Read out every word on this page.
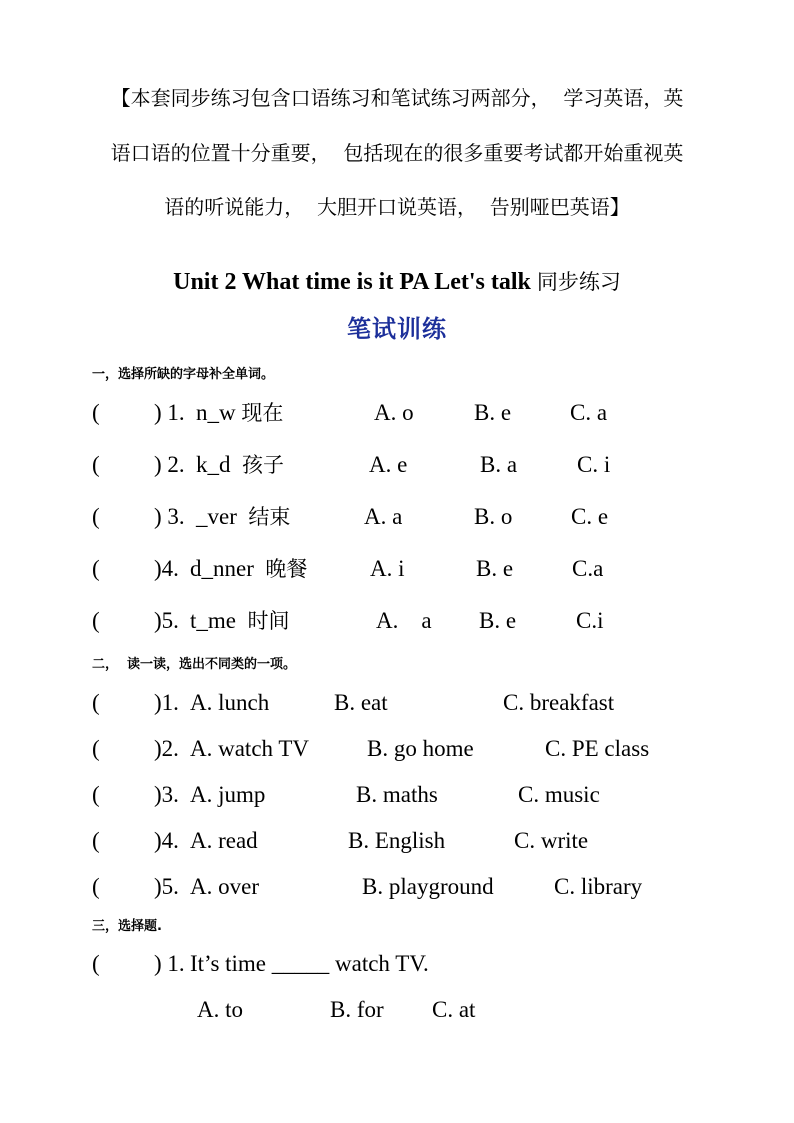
【本套同步练习包含口语练习和笔试练习两部分，  学习英语，英
语口语的位置十分重要，  包括现在的很多重要考试都开始重视英
语的听说能力，  大胆开口说英语，  告别哑巴英语】
Unit 2 What time is it PA Let's talk 同步练习
笔试训练
一，选择所缺的字母补全单词。
( ) 1. n_w 现在	A. o	B. e	C. a
( ) 2. k_d  孩子	A. e	B. a	C. i
( ) 3. _ver  结束	A. a	B. o	C. e
( )4. d_nner  晚餐	A. i	B. e	C.a
( )5. t_me  时间	A.    a B. e	C.i
二，  读一读，选出不同类的一项。
( )1. A. lunch	B. eat	C. breakfast
( )2. A. watch TV	B. go home	C. PE class
( )3. A. jump	B. maths	C. music
( )4. A. read	B. English	C. write
( )5. A. over	B. playground	C. library
三，选择题.
( ) 1. It’s time _____ watch TV.
A. to	B. for C. at
